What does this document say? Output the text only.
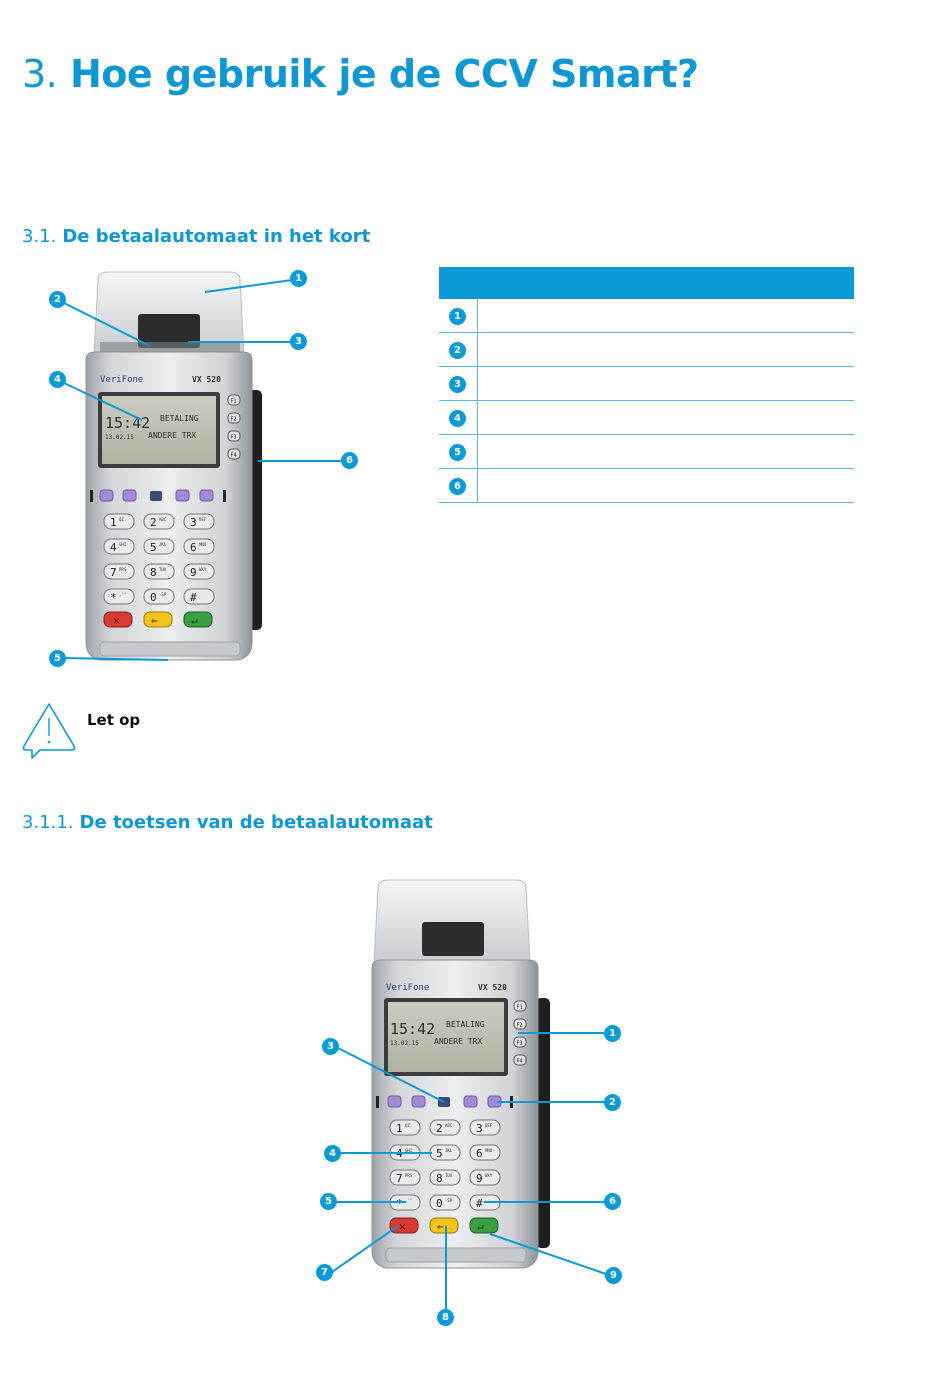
3. Hoe gebruik je de CCV Smart?
3.1. De betaalautomaat in het kort
VeriFone	VX 520
15:42
13.02.15
BETALING
ANDERE TRX
F1
F2
F3
F4
1 QZ. 2 ABC 3 DEF
4 GHI 5 JKL 6 MNO
7 PRS 8 TUV 9 WXY
* ,'" 0 -SP #
✕	←	↵
1
2
3
4
5
6
1
2
3
4
5
6
Let op
3.1.1. De toetsen van de betaalautomaat
VeriFone	VX 520
15:42
13.02.15
BETALING
ANDERE TRX
F1
F2
F3
F4
1 QZ. 2 ABC 3 DEF
4 GHI 5 JKL 6 MNO
7 PRS 8 TUV 9 WXY
* ,'" 0 -SP #
✕	←	↵
1
2
3
4
5	6
7
8
9
